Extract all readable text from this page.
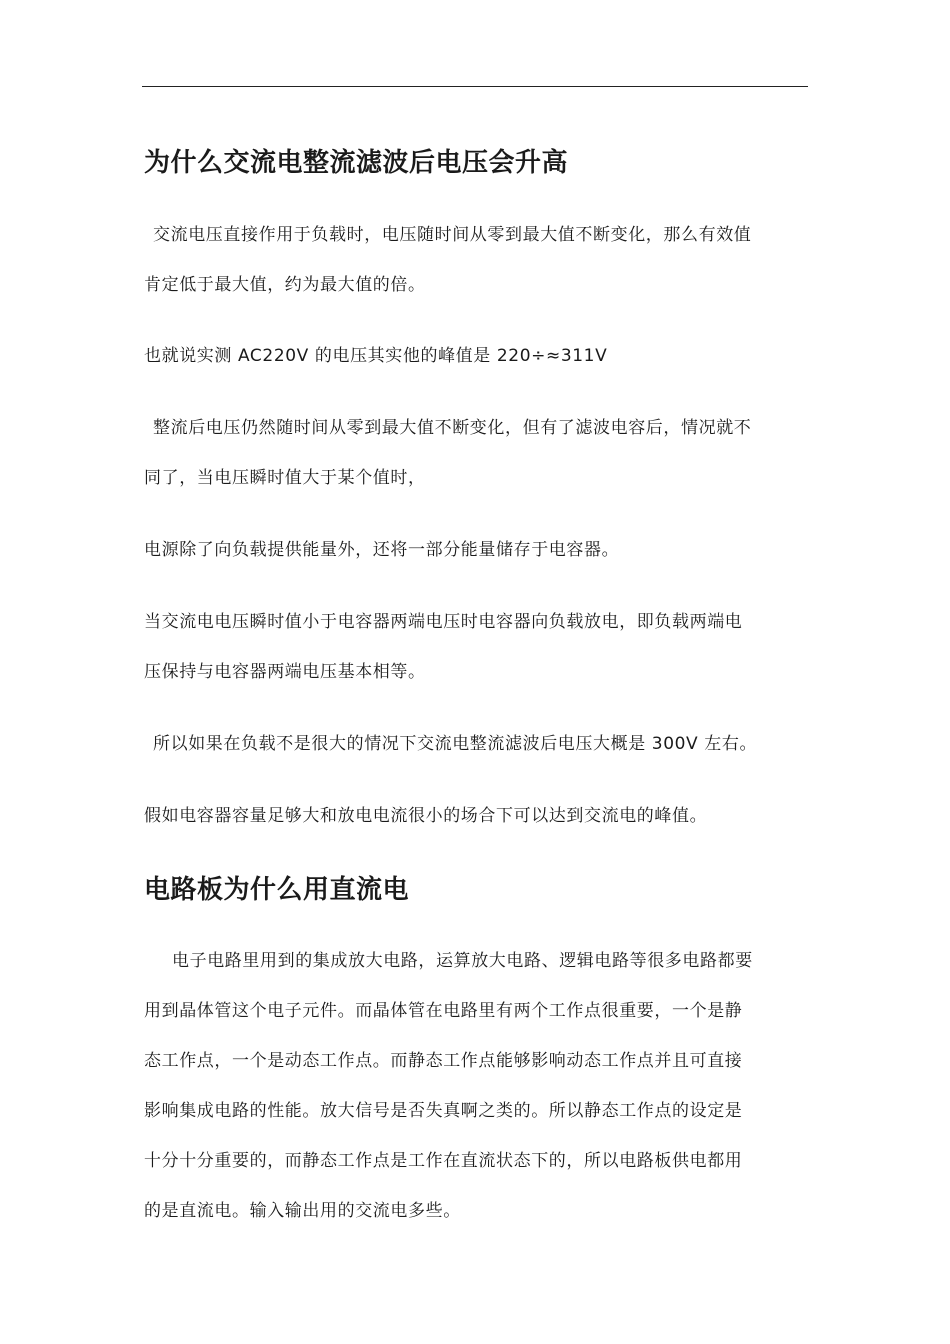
为什么交流电整流滤波后电压会升高

交流电压直接作用于负载时，电压随时间从零到最大值不断变化，那么有效值

肯定低于最大值，约为最大值的倍。

也就说实测 AC220V 的电压其实他的峰值是 220÷≈311V

整流后电压仍然随时间从零到最大值不断变化，但有了滤波电容后，情况就不

同了，当电压瞬时值大于某个值时，

电源除了向负载提供能量外，还将一部分能量储存于电容器。

当交流电电压瞬时值小于电容器两端电压时电容器向负载放电，即负载两端电

压保持与电容器两端电压基本相等。

所以如果在负载不是很大的情况下交流电整流滤波后电压大概是 300V 左右。

假如电容器容量足够大和放电电流很小的场合下可以达到交流电的峰值。

电路板为什么用直流电

电子电路里用到的集成放大电路，运算放大电路、逻辑电路等很多电路都要

用到晶体管这个电子元件。而晶体管在电路里有两个工作点很重要，一个是静

态工作点，一个是动态工作点。而静态工作点能够影响动态工作点并且可直接

影响集成电路的性能。放大信号是否失真啊之类的。所以静态工作点的设定是

十分十分重要的，而静态工作点是工作在直流状态下的，所以电路板供电都用

的是直流电。输入输出用的交流电多些。
